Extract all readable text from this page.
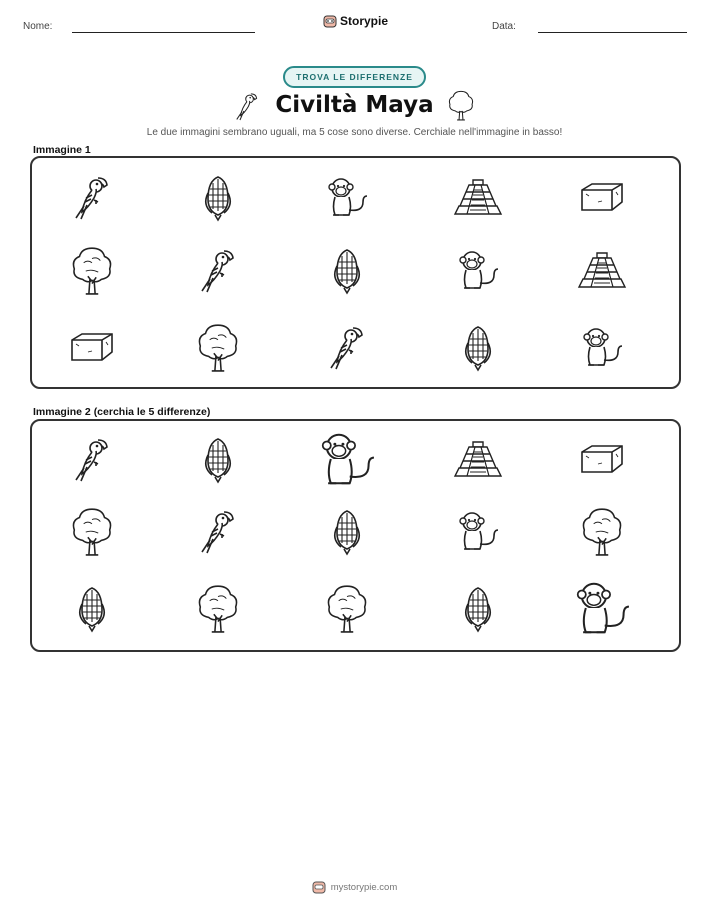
Nome:	Storypie	Data:
TROVA LE DIFFERENZE
Civiltà Maya
Le due immagini sembrano uguali, ma 5 cose sono diverse. Cerchiale nell'immagine in basso!
Immagine 1
Immagine 2 (cerchia le 5 differenze)
mystorypie.com
